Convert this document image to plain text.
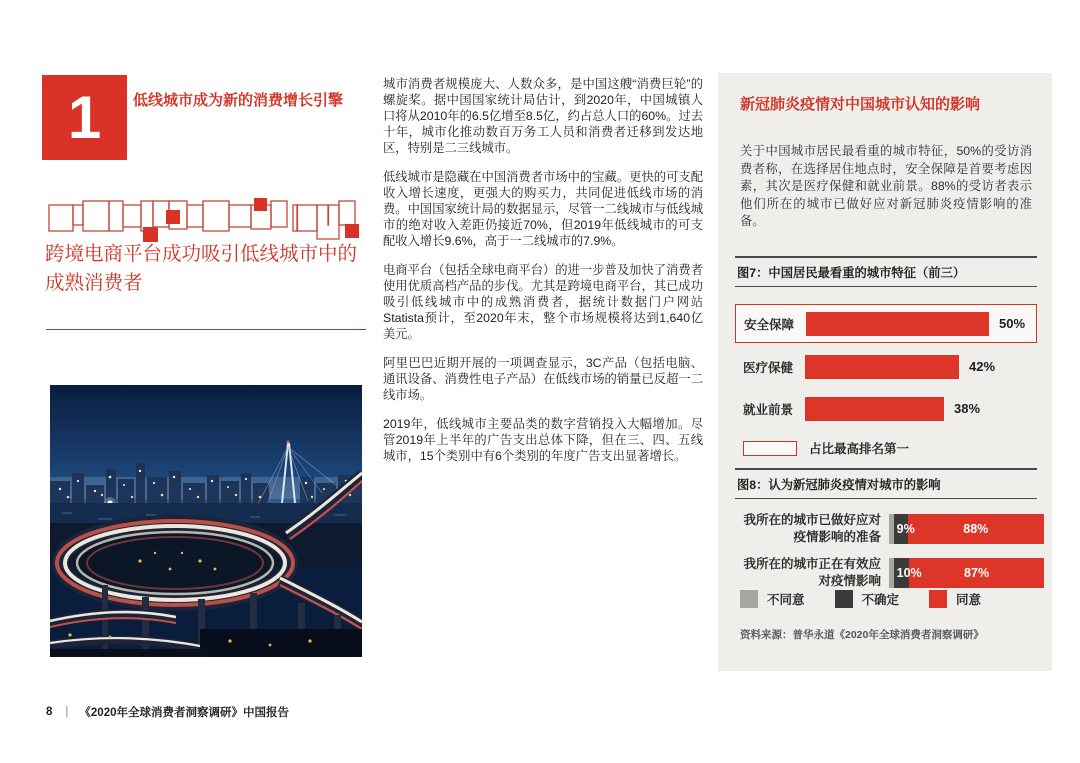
1 低线城市成为新的消费增长引擎
跨境电商平台成功吸引低线城市中的成熟消费者

城市消费者规模庞大、人数众多，是中国这艘“消费巨轮”的螺旋桨。据中国国家统计局估计，到2020年，中国城镇人口将从2010年的6.5亿增至8.5亿，约占总人口的60%。过去十年，城市化推动数百万务工人员和消费者迁移到发达地区，特别是二三线城市。

低线城市是隐藏在中国消费者市场中的宝藏。更快的可支配收入增长速度，更强大的购买力，共同促进低线市场的消费。中国国家统计局的数据显示，尽管一二线城市与低线城市的绝对收入差距仍接近70%，但2019年低线城市的可支配收入增长9.6%，高于一二线城市的7.9%。

电商平台（包括全球电商平台）的进一步普及加快了消费者使用优质高档产品的步伐。尤其是跨境电商平台，其已成功吸引低线城市中的成熟消费者，据统计数据门户网站Statista预计，至2020年末，整个市场规模将达到1,640亿美元。

阿里巴巴近期开展的一项调查显示，3C产品（包括电脑、通讯设备、消费性电子产品）在低线市场的销量已反超一二线市场。

2019年，低线城市主要品类的数字营销投入大幅增加。尽管2019年上半年的广告支出总体下降，但在三、四、五线城市，15个类别中有6个类别的年度广告支出显著增长。

新冠肺炎疫情对中国城市认知的影响
关于中国城市居民最看重的城市特征，50%的受访消费者称，在选择居住地点时，安全保障是首要考虑因素，其次是医疗保健和就业前景。88%的受访者表示他们所在的城市已做好应对新冠肺炎疫情影响的准备。
图7：中国居民最看重的城市特征（前三）
安全保障	50%
医疗保健	42%
就业前景	38%
占比最高排名第一
图8：认为新冠肺炎疫情对城市的影响
我所在的城市已做好应对疫情影响的准备
9%	88%
我所在的城市正在有效应对疫情影响
10%	87%
不同意	不确定	同意
资料来源：普华永道《2020年全球消费者洞察调研》
8 | 《2020年全球消费者洞察调研》中国报告
